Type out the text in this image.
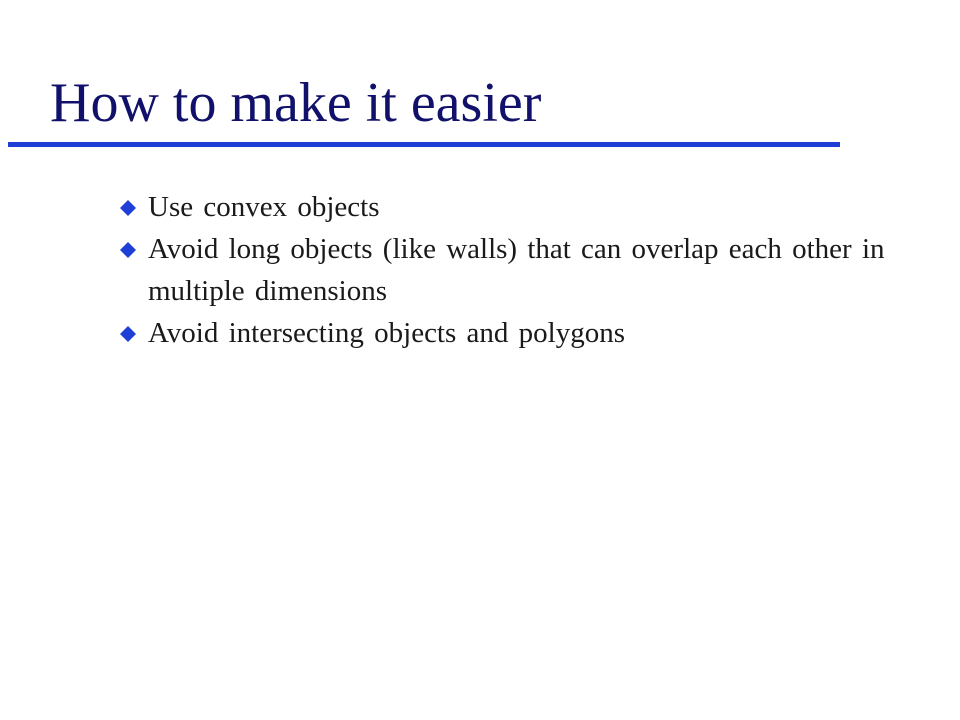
How to make it easier
Use convex objects
Avoid long objects (like walls) that can overlap each other in multiple dimensions
Avoid intersecting objects and polygons
